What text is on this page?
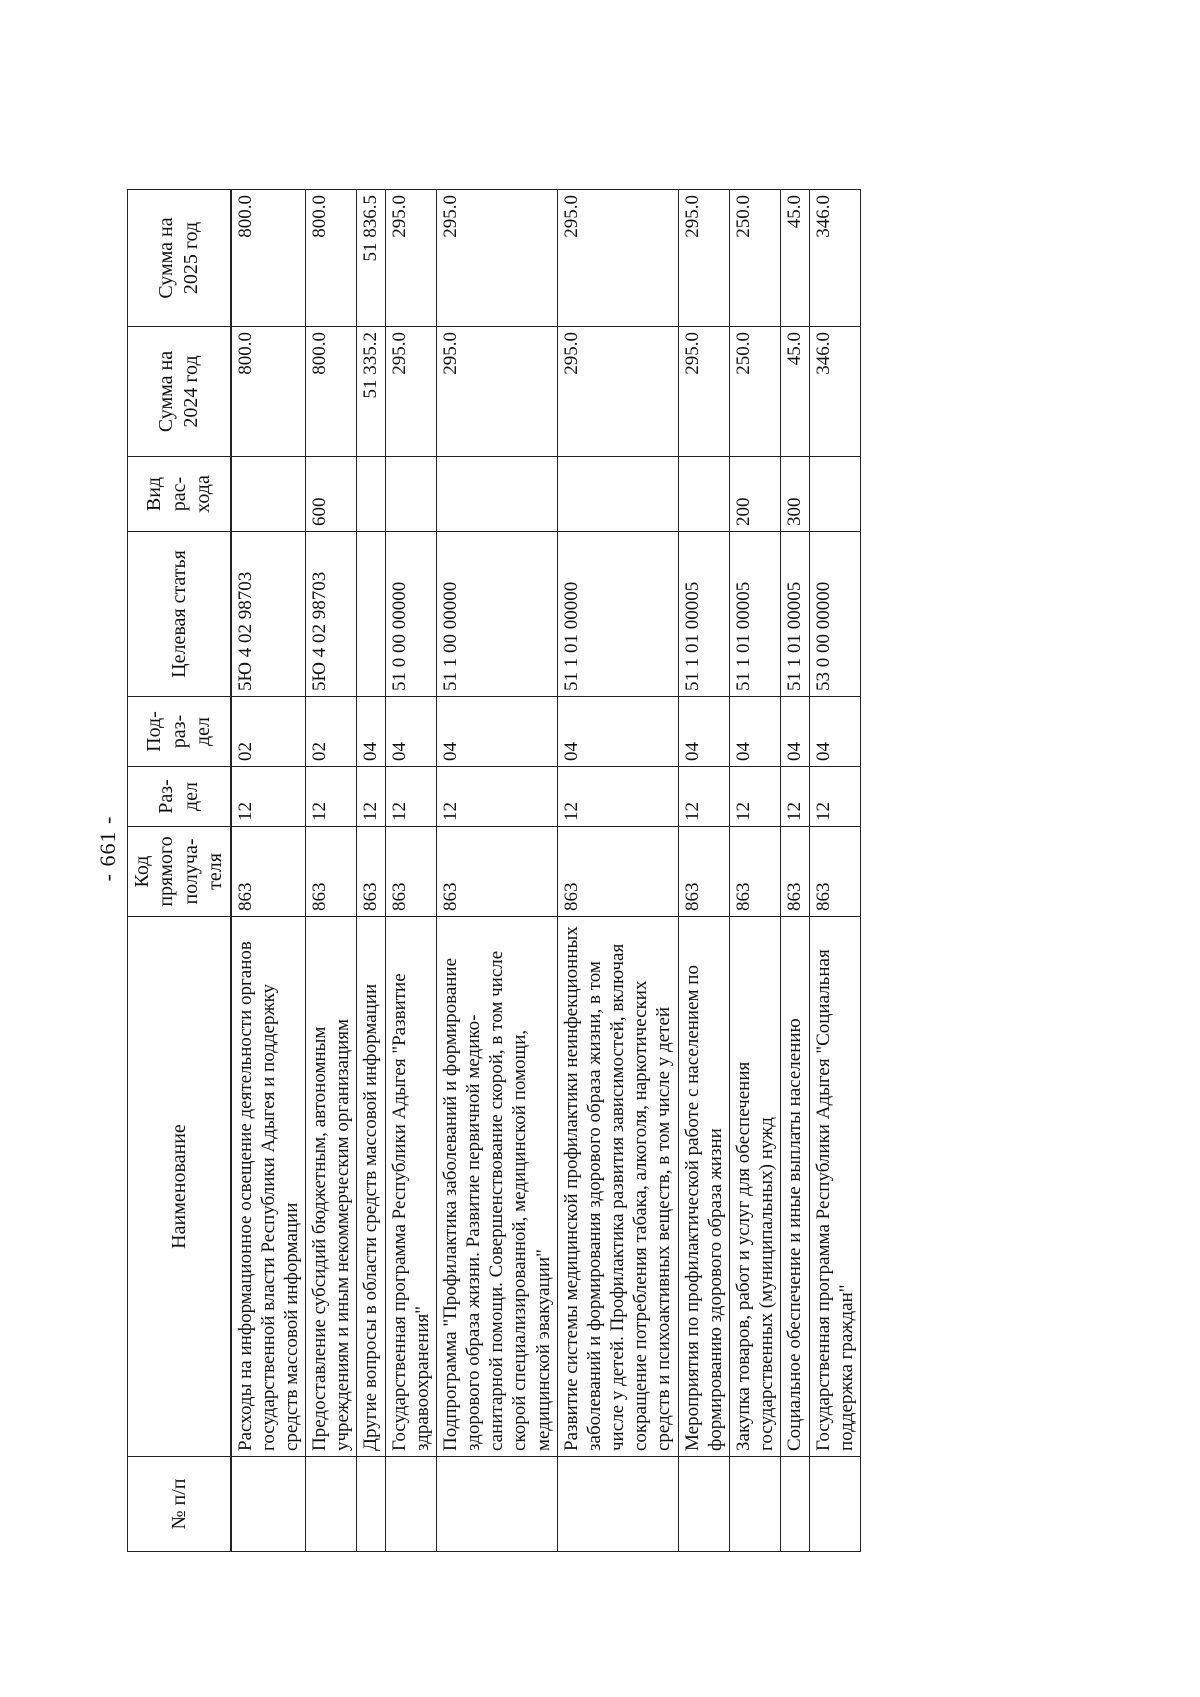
- 661 -
№ п/п	Наименование	Код прямого получа-теля	Раз-дел	Под-раз-дел	Целевая статья	Вид рас-хода	Сумма на 2024 год	Сумма на 2025 год
	Расходы на информационное освещение деятельности органов государственной власти Республики Адыгея и поддержку средств массовой информации	863	12	02	5Ю 4 02 98703		800.0	800.0
	Предоставление субсидий бюджетным, автономным учреждениям и иным некоммерческим организациям	863	12	02	5Ю 4 02 98703	600	800.0	800.0
	Другие вопросы в области средств массовой информации	863	12	04			51 335.2	51 836.5
	Государственная программа Республики Адыгея "Развитие здравоохранения"	863	12	04	51 0 00 00000		295.0	295.0
	Подпрограмма "Профилактика заболеваний и формирование здорового образа жизни. Развитие первичной медико-санитарной помощи. Совершенствование скорой, в том числе скорой специализированной, медицинской помощи, медицинской эвакуации"	863	12	04	51 1 00 00000		295.0	295.0
	Развитие системы медицинской профилактики неинфекционных заболеваний и формирования здорового образа жизни, в том числе у детей. Профилактика развития зависимостей, включая сокращение потребления табака, алкоголя, наркотических средств и психоактивных веществ, в том числе у детей	863	12	04	51 1 01 00000		295.0	295.0
	Мероприятия по профилактической работе с населением по формированию здорового образа жизни	863	12	04	51 1 01 00005		295.0	295.0
	Закупка товаров, работ и услуг для обеспечения государственных (муниципальных) нужд	863	12	04	51 1 01 00005	200	250.0	250.0
	Социальное обеспечение и иные выплаты населению	863	12	04	51 1 01 00005	300	45.0	45.0
	Государственная программа Республики Адыгея "Социальная поддержка граждан"	863	12	04	53 0 00 00000		346.0	346.0
